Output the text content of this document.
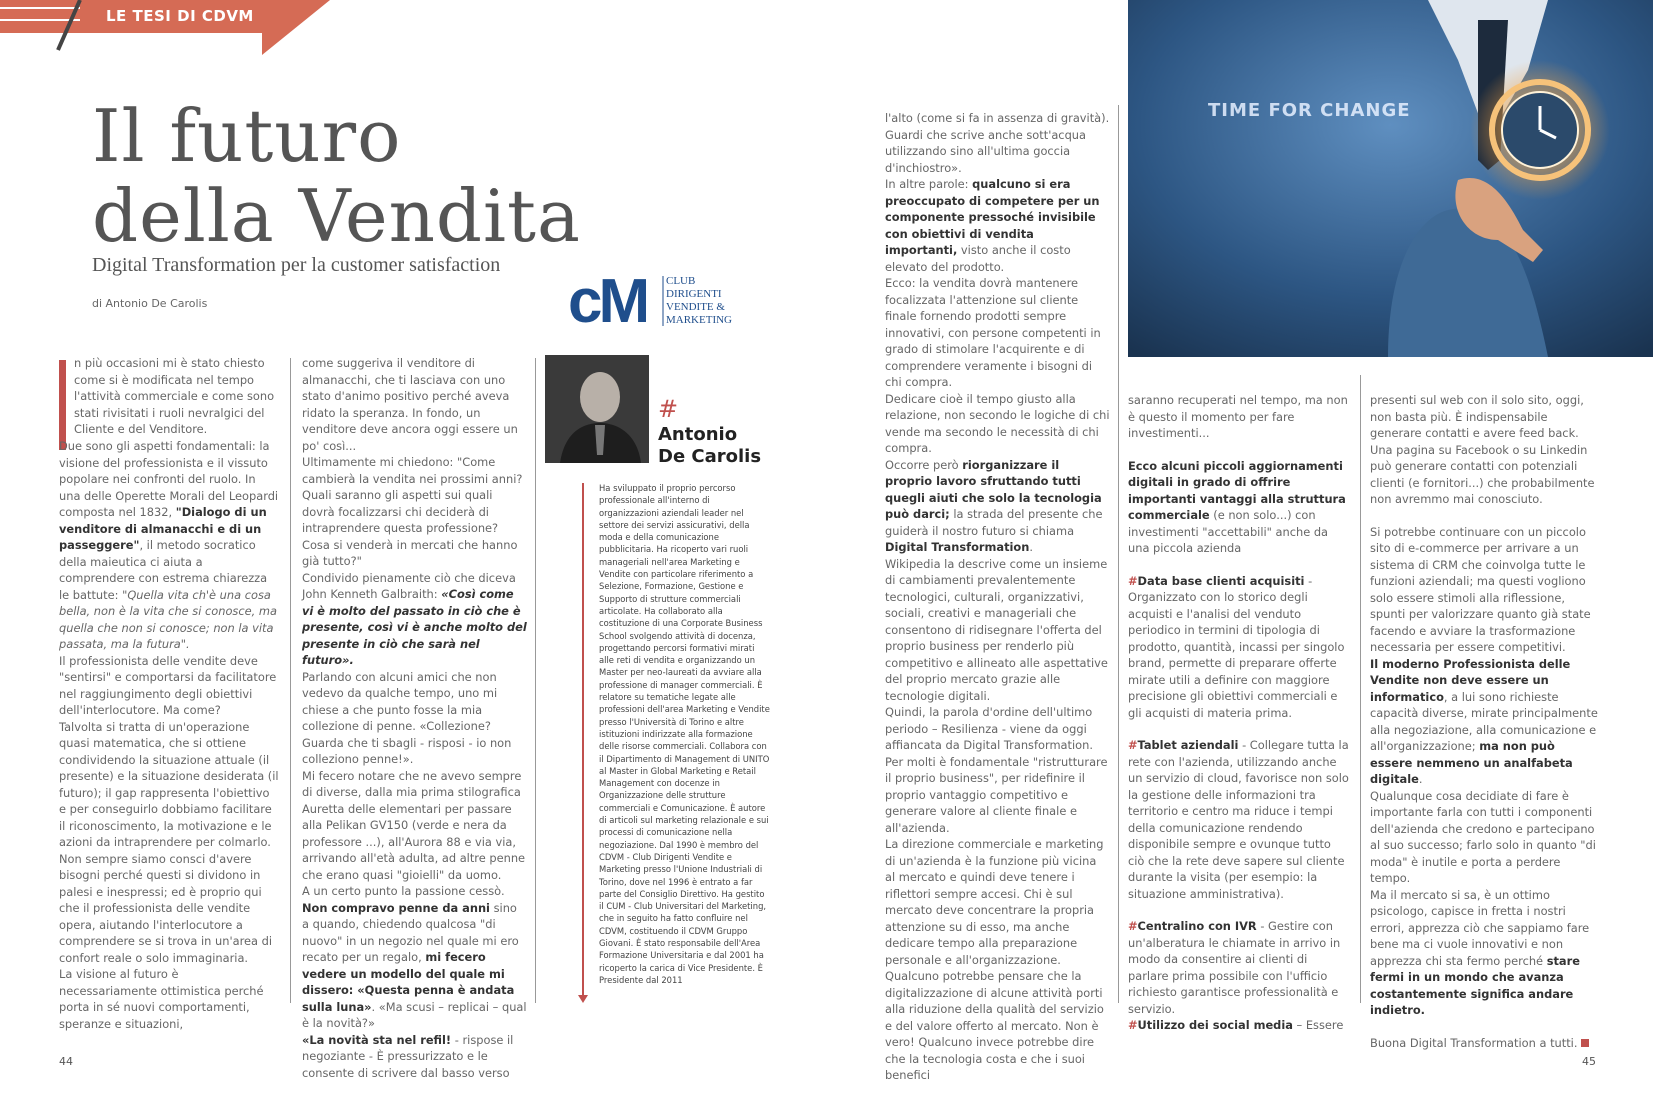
LE TESI DI CDVM
Il futuro
della Vendita
Digital Transformation per la customer satisfaction
di Antonio De Carolis	cM CLUB
DIRIGENTI
VENDITE &
MARKETING
TIME FOR CHANGE

n più occasioni mi è stato chiesto come si è modificata nel tempo l'attività commerciale e come sono stati rivisitati i ruoli nevralgici del Cliente e del Venditore.

Due sono gli aspetti fondamentali: la visione del professionista e il vissuto popolare nei confronti del ruolo. In una delle Operette Morali del Leopardi composta nel 1832, "Dialogo di un venditore di almanacchi e di un passeggere", il metodo socratico della maieutica ci aiuta a comprendere con estrema chiarezza le battute: "Quella vita ch'è una cosa bella, non è la vita che si conosce, ma quella che non si conosce; non la vita passata, ma la futura".

Il professionista delle vendite deve "sentirsi" e comportarsi da facilitatore nel raggiungimento degli obiettivi dell'interlocutore. Ma come?

Talvolta si tratta di un'operazione quasi matematica, che si ottiene condividendo la situazione attuale (il presente) e la situazione desiderata (il futuro); il gap rappresenta l'obiettivo e per conseguirlo dobbiamo facilitare il riconoscimento, la motivazione e le azioni da intraprendere per colmarlo.

Non sempre siamo consci d'avere bisogni perché questi si dividono in palesi e inespressi; ed è proprio qui che il professionista delle vendite opera, aiutando l'interlocutore a comprendere se si trova in un'area di confort reale o solo immaginaria.

La visione al futuro è necessariamente ottimistica perché porta in sé nuovi comportamenti, speranze e situazioni,

come suggeriva il venditore di almanacchi, che ti lasciava con uno stato d'animo positivo perché aveva ridato la speranza. In fondo, un venditore deve ancora oggi essere un po' così...

Ultimamente mi chiedono: "Come cambierà la vendita nei prossimi anni? Quali saranno gli aspetti sui quali dovrà focalizzarsi chi deciderà di intraprendere questa professione? Cosa si venderà in mercati che hanno già tutto?"

Condivido pienamente ciò che diceva John Kenneth Galbraith: «Così come vi è molto del passato in ciò che è presente, così vi è anche molto del presente in ciò che sarà nel futuro».

Parlando con alcuni amici che non vedevo da qualche tempo, uno mi chiese a che punto fosse la mia collezione di penne. «Collezione? Guarda che ti sbagli - risposi - io non colleziono penne!».

Mi fecero notare che ne avevo sempre di diverse, dalla mia prima stilografica Auretta delle elementari per passare alla Pelikan GV150 (verde e nera da professore ...), all'Aurora 88 e via via, arrivando all'età adulta, ad altre penne che erano quasi "gioielli" da uomo.

A un certo punto la passione cessò. Non compravo penne da anni sino a quando, chiedendo qualcosa "di nuovo" in un negozio nel quale mi ero recato per un regalo, mi fecero vedere un modello del quale mi dissero: «Questa penna è andata sulla luna». «Ma scusi – replicai – qual è la novità?»

«La novità sta nel refil! - rispose il negoziante - È pressurizzato e le consente di scrivere dal basso verso

#
Antonio
De Carolis
Ha sviluppato il proprio percorso professionale all'interno di organizzazioni aziendali leader nel settore dei servizi assicurativi, della moda e della comunicazione pubblicitaria. Ha ricoperto vari ruoli manageriali nell'area Marketing e Vendite con particolare riferimento a Selezione, Formazione, Gestione e Supporto di strutture commerciali articolate. Ha collaborato alla costituzione di una Corporate Business School svolgendo attività di docenza, progettando percorsi formativi mirati alle reti di vendita e organizzando un Master per neo-laureati da avviare alla professione di manager commerciali. È relatore su tematiche legate alle professioni dell'area Marketing e Vendite presso l'Università di Torino e altre istituzioni indirizzate alla formazione delle risorse commerciali. Collabora con il Dipartimento di Management di UNITO al Master in Global Marketing e Retail Management con docenze in Organizzazione delle strutture commerciali e Comunicazione. È autore di articoli sul marketing relazionale e sui processi di comunicazione nella negoziazione. Dal 1990 è membro del CDVM - Club Dirigenti Vendite e Marketing presso l'Unione Industriali di Torino, dove nel 1996 è entrato a far parte del Consiglio Direttivo. Ha gestito il CUM - Club Universitari del Marketing, che in seguito ha fatto confluire nel CDVM, costituendo il CDVM Gruppo Giovani. È stato responsabile dell'Area Formazione Universitaria e dal 2001 ha ricoperto la carica di Vice Presidente. È Presidente dal 2011

l'alto (come si fa in assenza di gravità). Guardi che scrive anche sott'acqua utilizzando sino all'ultima goccia d'inchiostro».

In altre parole: qualcuno si era preoccupato di competere per un componente pressoché invisibile con obiettivi di vendita importanti, visto anche il costo elevato del prodotto.

Ecco: la vendita dovrà mantenere focalizzata l'attenzione sul cliente finale fornendo prodotti sempre innovativi, con persone competenti in grado di stimolare l'acquirente e di comprendere veramente i bisogni di chi compra.

Dedicare cioè il tempo giusto alla relazione, non secondo le logiche di chi vende ma secondo le necessità di chi compra.

Occorre però riorganizzare il proprio lavoro sfruttando tutti quegli aiuti che solo la tecnologia può darci; la strada del presente che guiderà il nostro futuro si chiama Digital Transformation.

Wikipedia la descrive come un insieme di cambiamenti prevalentemente tecnologici, culturali, organizzativi, sociali, creativi e manageriali che consentono di ridisegnare l'offerta del proprio business per renderlo più competitivo e allineato alle aspettative del proprio mercato grazie alle tecnologie digitali.

Quindi, la parola d'ordine dell'ultimo periodo – Resilienza - viene da oggi affiancata da Digital Transformation.

Per molti è fondamentale "ristrutturare il proprio business", per ridefinire il proprio vantaggio competitivo e generare valore al cliente finale e all'azienda.

La direzione commerciale e marketing di un'azienda è la funzione più vicina al mercato e quindi deve tenere i riflettori sempre accesi. Chi è sul mercato deve concentrare la propria attenzione su di esso, ma anche dedicare tempo alla preparazione personale e all'organizzazione.

Qualcuno potrebbe pensare che la digitalizzazione di alcune attività porti alla riduzione della qualità del servizio e del valore offerto al mercato. Non è vero! Qualcuno invece potrebbe dire che la tecnologia costa e che i suoi benefici

saranno recuperati nel tempo, ma non è questo il momento per fare investimenti...

Ecco alcuni piccoli aggiornamenti digitali in grado di offrire importanti vantaggi alla struttura commerciale (e non solo...) con investimenti "accettabili" anche da una piccola azienda

#Data base clienti acquisiti - Organizzato con lo storico degli acquisti e l'analisi del venduto periodico in termini di tipologia di prodotto, quantità, incassi per singolo brand, permette di preparare offerte mirate utili a definire con maggiore precisione gli obiettivi commerciali e gli acquisti di materia prima.

#Tablet aziendali - Collegare tutta la rete con l'azienda, utilizzando anche un servizio di cloud, favorisce non solo la gestione delle informazioni tra territorio e centro ma riduce i tempi della comunicazione rendendo disponibile sempre e ovunque tutto ciò che la rete deve sapere sul cliente durante la visita (per esempio: la situazione amministrativa).

#Centralino con IVR - Gestire con un'alberatura le chiamate in arrivo in modo da consentire ai clienti di parlare prima possibile con l'ufficio richiesto garantisce professionalità e servizio.

#Utilizzo dei social media – Essere

presenti sul web con il solo sito, oggi, non basta più. È indispensabile generare contatti e avere feed back. Una pagina su Facebook o su Linkedin può generare contatti con potenziali clienti (e fornitori...) che probabilmente non avremmo mai conosciuto.

Si potrebbe continuare con un piccolo sito di e-commerce per arrivare a un sistema di CRM che coinvolga tutte le funzioni aziendali; ma questi vogliono solo essere stimoli alla riflessione, spunti per valorizzare quanto già state facendo e avviare la trasformazione necessaria per essere competitivi.

Il moderno Professionista delle Vendite non deve essere un informatico, a lui sono richieste capacità diverse, mirate principalmente alla negoziazione, alla comunicazione e all'organizzazione; ma non può essere nemmeno un analfabeta digitale.

Qualunque cosa decidiate di fare è importante farla con tutti i componenti dell'azienda che credono e partecipano al suo successo; farlo solo in quanto "di moda" è inutile e porta a perdere tempo.

Ma il mercato si sa, è un ottimo psicologo, capisce in fretta i nostri errori, apprezza ciò che sappiamo fare bene ma ci vuole innovativi e non apprezza chi sta fermo perché stare fermi in un mondo che avanza costantemente significa andare indietro.

Buona Digital Transformation a tutti.

44	45
